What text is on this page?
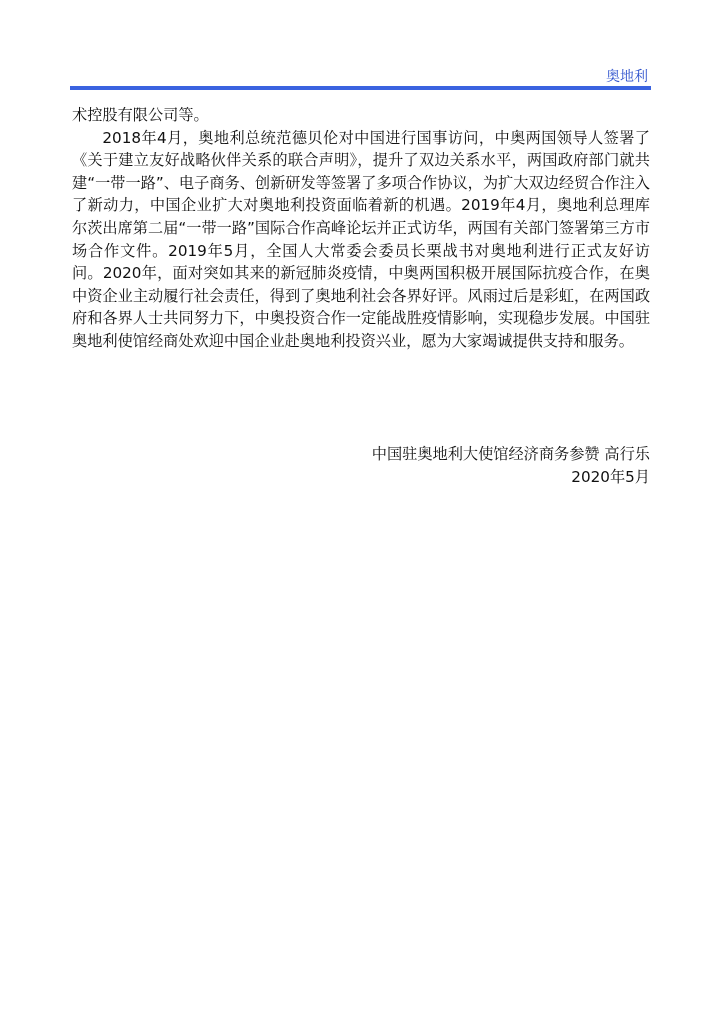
奥地利

术控股有限公司等。

2018年4月，奥地利总统范德贝伦对中国进行国事访问，中奥两国领导人签署了《关于建立友好战略伙伴关系的联合声明》，提升了双边关系水平，两国政府部门就共建“一带一路”、电子商务、创新研发等签署了多项合作协议，为扩大双边经贸合作注入了新动力，中国企业扩大对奥地利投资面临着新的机遇。2019年4月，奥地利总理库尔茨出席第二届“一带一路”国际合作高峰论坛并正式访华，两国有关部门签署第三方市场合作文件。2019年5月，全国人大常委会委员长栗战书对奥地利进行正式友好访问。2020年，面对突如其来的新冠肺炎疫情，中奥两国积极开展国际抗疫合作，在奥中资企业主动履行社会责任，得到了奥地利社会各界好评。风雨过后是彩虹，在两国政府和各界人士共同努力下，中奥投资合作一定能战胜疫情影响，实现稳步发展。中国驻奥地利使馆经商处欢迎中国企业赴奥地利投资兴业，愿为大家竭诚提供支持和服务。

中国驻奥地利大使馆经济商务参赞 高行乐
2020年5月
